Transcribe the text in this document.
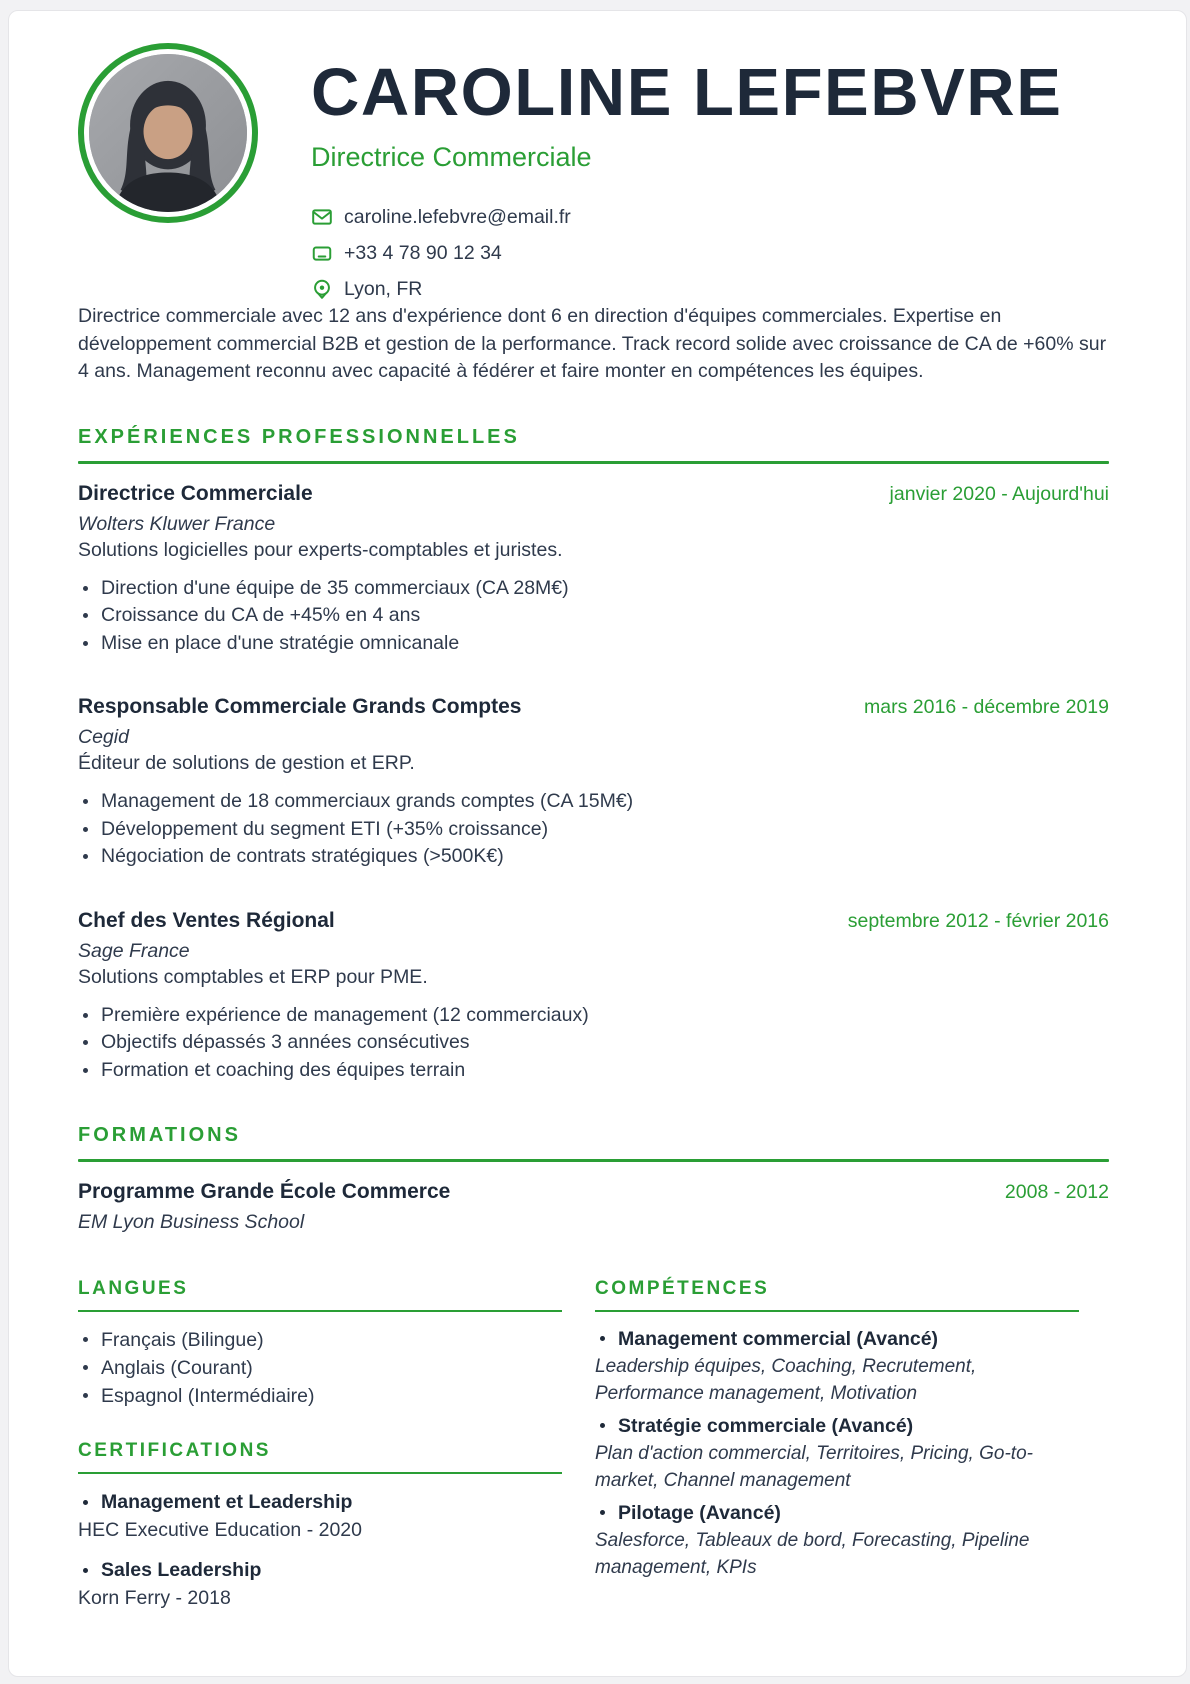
CAROLINE LEFEBVRE
Directrice Commerciale
caroline.lefebvre@email.fr
+33 4 78 90 12 34
Lyon, FR

Directrice commerciale avec 12 ans d'expérience dont 6 en direction d'équipes commerciales. Expertise en développement commercial B2B et gestion de la performance. Track record solide avec croissance de CA de +60% sur 4 ans. Management reconnu avec capacité à fédérer et faire monter en compétences les équipes.

EXPÉRIENCES PROFESSIONNELLES
Directrice Commerciale	janvier 2020 - Aujourd'hui
Wolters Kluwer France
Solutions logicielles pour experts-comptables et juristes.
Direction d'une équipe de 35 commerciaux (CA 28M€)
Croissance du CA de +45% en 4 ans
Mise en place d'une stratégie omnicanale
Responsable Commerciale Grands Comptes	mars 2016 - décembre 2019
Cegid
Éditeur de solutions de gestion et ERP.
Management de 18 commerciaux grands comptes (CA 15M€)
Développement du segment ETI (+35% croissance)
Négociation de contrats stratégiques (>500K€)
Chef des Ventes Régional	septembre 2012 - février 2016
Sage France
Solutions comptables et ERP pour PME.
Première expérience de management (12 commerciaux)
Objectifs dépassés 3 années consécutives
Formation et coaching des équipes terrain
FORMATIONS
Programme Grande École Commerce	2008 - 2012
EM Lyon Business School
LANGUES
Français (Bilingue)
Anglais (Courant)
Espagnol (Intermédiaire)
CERTIFICATIONS
Management et Leadership
HEC Executive Education - 2020
Sales Leadership
Korn Ferry - 2018
COMPÉTENCES
Management commercial (Avancé)
Leadership équipes, Coaching, Recrutement, Performance management, Motivation
Stratégie commerciale (Avancé)
Plan d'action commercial, Territoires, Pricing, Go-to-market, Channel management
Pilotage (Avancé)
Salesforce, Tableaux de bord, Forecasting, Pipeline management, KPIs
